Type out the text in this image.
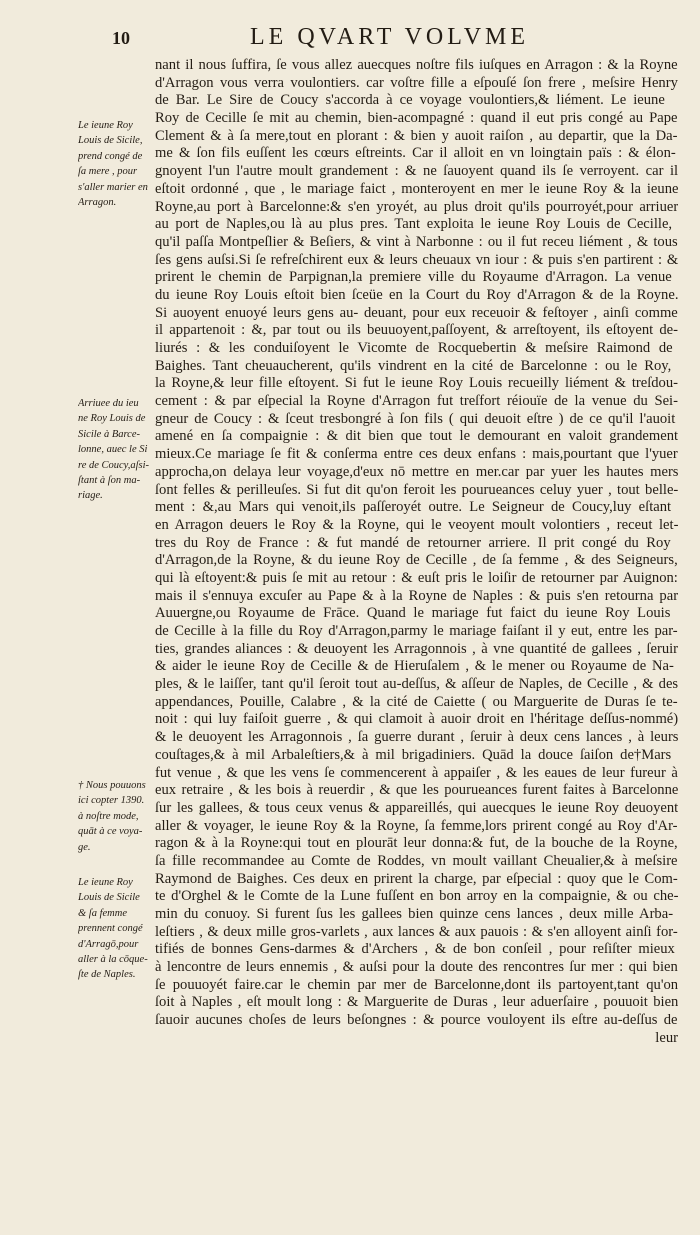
10	LE QVART VOLVME
nant il nous ſuffira, ſe vous allez auecques noſtre fils iuſques en Arragon : & la Royne
d'Arragon vous verra voulontiers. car voſtre fille a eſpouſé ſon frere , meſsire Henry
de Bar. Le Sire de Coucy s'accorda à ce voyage voulontiers,& liément. Le ieune
Roy de Cecille ſe mit au chemin, bien-acompagné : quand il eut pris congé au Pape
Clement & à ſa mere,tout en plorant : & bien y auoit raiſon , au departir, que la Da-
me & ſon fils euſſent les cœurs eſtreints. Car il alloit en vn loingtain païs : & élon-
gnoyent l'un l'autre moult grandement : & ne ſauoyent quand ils ſe verroyent. car il
eſtoit ordonné , que , le mariage faict , monteroyent en mer le ieune Roy & la ieune
Royne,au port à Barcelonne:& s'en yroyét, au plus droit qu'ils pourroyét,pour arriuer
au port de Naples,ou là au plus pres. Tant exploita le ieune Roy Louis de Cecille,
qu'il paſſa Montpeſlier & Beſiers, & vint à Narbonne : ou il fut receu liément , & tous
ſes gens auſsi.Si ſe refreſchirent eux & leurs cheuaux vn iour : & puis s'en partirent : &
prirent le chemin de Parpignan,la premiere ville du Royaume d'Arragon. La venue
du ieune Roy Louis eſtoit bien ſceüe en la Court du Roy d'Arragon & de la Royne.
Si auoyent enuoyé leurs gens au- deuant, pour eux receuoir & feſtoyer , ainſi comme
il appartenoit : &, par tout ou ils beuuoyent,paſſoyent, & arreſtoyent, ils eſtoyent de-
liurés : & les conduiſoyent le Vicomte de Rocquebertin & meſsire Raimond de
Baighes. Tant cheuaucherent, qu'ils vindrent en la cité de Barcelonne : ou le Roy,
la Royne,& leur fille eſtoyent. Si fut le ieune Roy Louis recueilly liément & treſdou-
cement : & par eſpecial la Royne d'Arragon fut treſfort réiouïe de la venue du Sei-
gneur de Coucy : & ſceut tresbongré à ſon fils ( qui deuoit eſtre ) de ce qu'il l'auoit
amené en ſa compaignie : & dit bien que tout le demourant en valoit grandement
mieux.Ce mariage ſe fit & conſerma entre ces deux enfans : mais,pourtant que l'yuer
approcha,on delaya leur voyage,d'eux nō mettre en mer.car par yuer les hautes mers
ſont felles & perilleuſes. Si fut dit qu'on feroit les pourueances celuy yuer , tout belle-
ment : &,au Mars qui venoit,ils paſſeroyét outre. Le Seigneur de Coucy,luy eſtant
en Arragon deuers le Roy & la Royne, qui le veoyent moult volontiers , receut let-
tres du Roy de France : & fut mandé de retourner arriere. Il prit congé du Roy
d'Arragon,de la Royne, & du ieune Roy de Cecille , de ſa femme , & des Seigneurs,
qui là eſtoyent:& puis ſe mit au retour : & euſt pris le loiſir de retourner par Auignon:
mais il s'ennuya excuſer au Pape & à la Royne de Naples : & puis s'en retourna par
Auuergne,ou Royaume de Frāce. Quand le mariage fut faict du ieune Roy Louis
de Cecille à la fille du Roy d'Arragon,parmy le mariage faiſant il y eut, entre les par-
ties, grandes aliances : & deuoyent les Arragonnois , à vne quantité de gallees , ſeruir
& aider le ieune Roy de Cecille & de Hieruſalem , & le mener ou Royaume de Na-
ples, & le laiſſer, tant qu'il ſeroit tout au-deſſus, & aſſeur de Naples, de Cecille , & des
appendances, Pouille, Calabre , & la cité de Caiette ( ou Marguerite de Duras ſe te-
noit : qui luy faiſoit guerre , & qui clamoit à auoir droit en l'héritage deſſus-nommé)
& le deuoyent les Arragonnois , ſa guerre durant , ſeruir à deux cens lances , à leurs
couſtages,& à mil Arbaleſtiers,& à mil brigadiniers. Quād la douce ſaiſon de†Mars
fut venue , & que les vens ſe commencerent à appaiſer , & les eaues de leur fureur à
eux retraire , & les bois à reuerdir , & que les pourueances furent faites à Barcelonne
ſur les gallees, & tous ceux venus & appareillés, qui auecques le ieune Roy deuoyent
aller & voyager, le ieune Roy & la Royne, ſa femme,lors prirent congé au Roy d'Ar-
ragon & à la Royne:qui tout en plourāt leur donna:& fut, de la bouche de la Royne,
ſa fille recommandee au Comte de Roddes, vn moult vaillant Cheualier,& à meſsire
Raymond de Baighes. Ces deux en prirent la charge, par eſpecial : quoy que le Com-
te d'Orghel & le Comte de la Lune fuſſent en bon arroy en la compaignie, & ou che-
min du conuoy. Si furent ſus les gallees bien quinze cens lances , deux mille Arba-
leſtiers , & deux mille gros-varlets , aux lances & aux pauois : & s'en alloyent ainſi for-
tifiés de bonnes Gens-darmes & d'Archers , & de bon conſeil , pour reſiſter mieux
à lencontre de leurs ennemis , & auſsi pour la doute des rencontres ſur mer : qui bien
ſe pouuoyét faire.car le chemin par mer de Barcelonne,dont ils partoyent,tant qu'on
ſoit à Naples , eſt moult long : & Marguerite de Duras , leur aduerſaire , pouuoit bien
ſauoir aucunes choſes de leurs beſongnes : & pource vouloyent ils eſtre au-deſſus de
leur
Le ieune Roy
Louis de Sicile,
prend congé de
ſa mere , pour
s'aller marier en
Arragon.
Arriuee du ieu
ne Roy Louis de
Sicile à Barce-
lonne, auec le Si
re de Coucy,aſsi-
ſtant à ſon ma-
riage.
† Nous pouuons
ici copter 1390.
à noſtre mode,
quāt à ce voya-
ge.
Le ieune Roy
Louis de Sicile
& ſa femme
prennent congé
d'Arragō,pour
aller à la cōque-
ſte de Naples.
